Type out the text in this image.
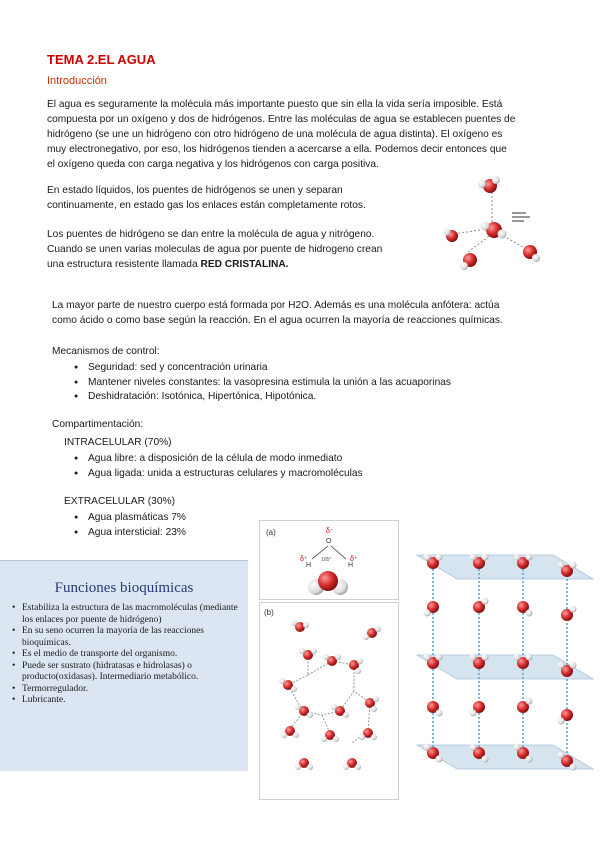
TEMA 2.EL AGUA
Introducción
El agua es seguramente la molécula más importante puesto que sin ella la vida sería imposible. Está
compuesta por un oxígeno y dos de hidrógenos. Entre las moléculas de agua se establecen puentes de
hidrógeno (se une un hidrógeno con otro hidrógeno de una molécula de agua distinta). El oxígeno es
muy electronegativo, por eso, los hidrógenos tienden a acercarse a ella. Podemos decir entonces que
el oxígeno queda con carga negativa y los hidrógenos con carga positiva.
En estado líquidos, los puentes de hidrógenos se unen y separan
continuamente, en estado gas los enlaces están completamente rotos.
Los puentes de hidrógeno se dan entre la molécula de agua y nitrógeno.
Cuando se unen varias moleculas de agua por puente de hidrogeno crean
una estructura resistente llamada RED CRISTALINA.
La mayor parte de nuestro cuerpo está formada por H2O. Además es una molécula anfótera: actúa
como ácido o como base según la reacción. En el agua ocurren la mayoría de reacciones químicas.
Mecanismos de control:
● Seguridad: sed y concentración urinaria
● Mantener niveles constantes: la vasopresina estimula la unión a las acuaporinas
● Deshidratación: Isotónica, Hipertónica, Hipotónica.
Compartimentación:
INTRACELULAR (70%)
● Agua libre: a disposición de la célula de modo inmediato
● Agua ligada: unida a estructuras celulares y macromoléculas
EXTRACELULAR (30%)
● Agua plasmáticas 7%
● Agua intersticial: 23%
Funciones bioquímicas
• Estabiliza la estructura de las macromoléculas (mediante los enlaces por puente de hidrógeno)
• En su seno ocurren la mayoría de las reacciones bioquímicas.
• Es el medio de transporte del organismo.
• Puede ser sustrato (hidratasas e hidrolasas) o producto(oxidasas). Intermediario metabólico.
• Termorregulador.
• Lubricante.
(a)	δ⁻
O
δ⁺	δ⁺
H	H
105°
(b)
